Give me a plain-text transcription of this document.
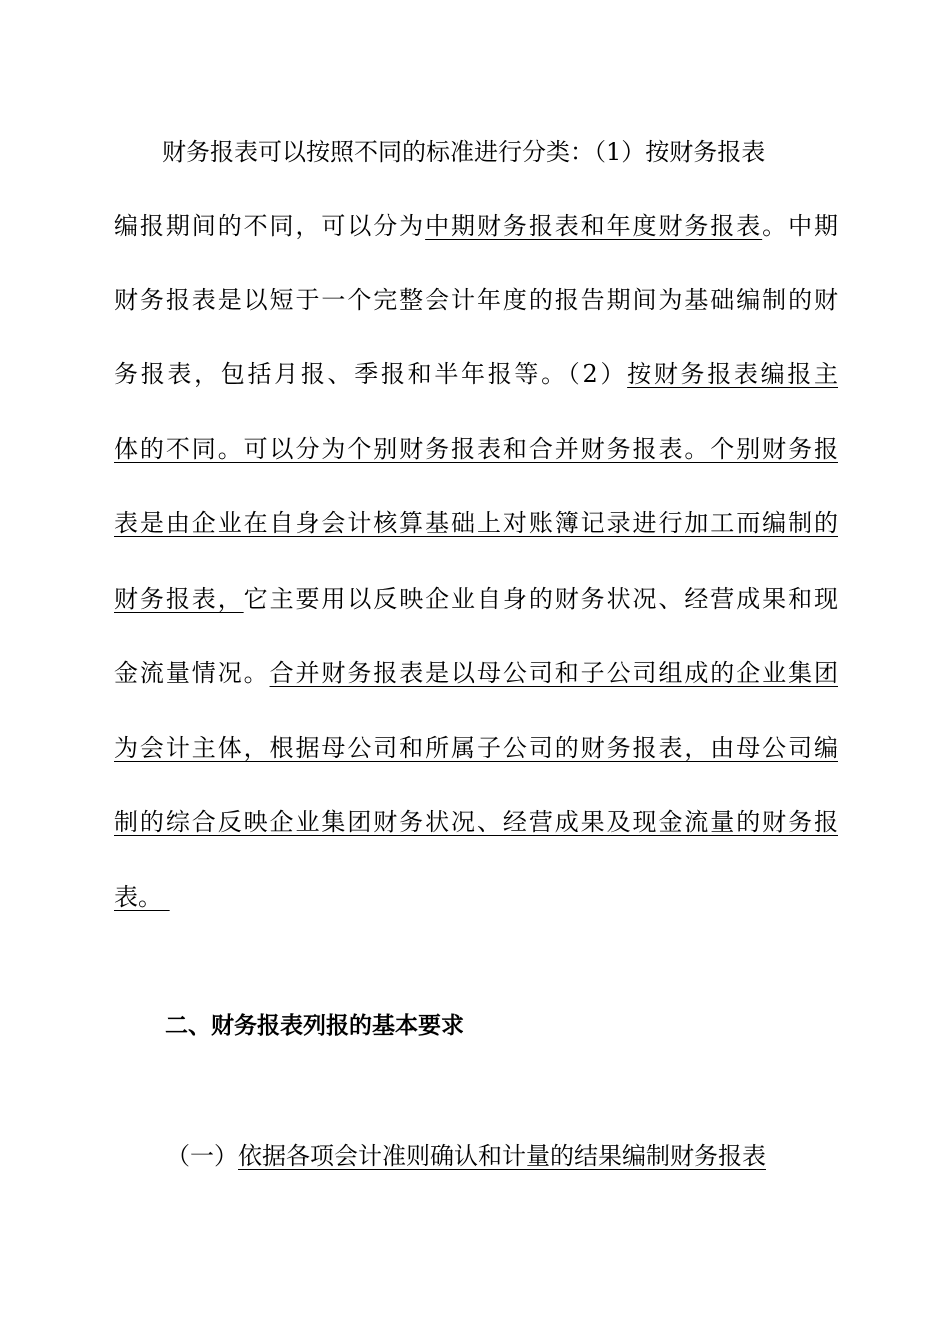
财务报表可以按照不同的标准进行分类：（1）按财务报表
编报期间的不同，可以分为中期财务报表和年度财务报表。中期
财务报表是以短于一个完整会计年度的报告期间为基础编制的财
务报表，包括月报、季报和半年报等。（2）按财务报表编报主
体的不同。可以分为个别财务报表和合并财务报表。个别财务报
表是由企业在自身会计核算基础上对账簿记录进行加工而编制的
财务报表，它主要用以反映企业自身的财务状况、经营成果和现
金流量情况。合并财务报表是以母公司和子公司组成的企业集团
为会计主体，根据母公司和所属子公司的财务报表，由母公司编
制的综合反映企业集团财务状况、经营成果及现金流量的财务报
表。
二、财务报表列报的基本要求
（一）依据各项会计准则确认和计量的结果编制财务报表
